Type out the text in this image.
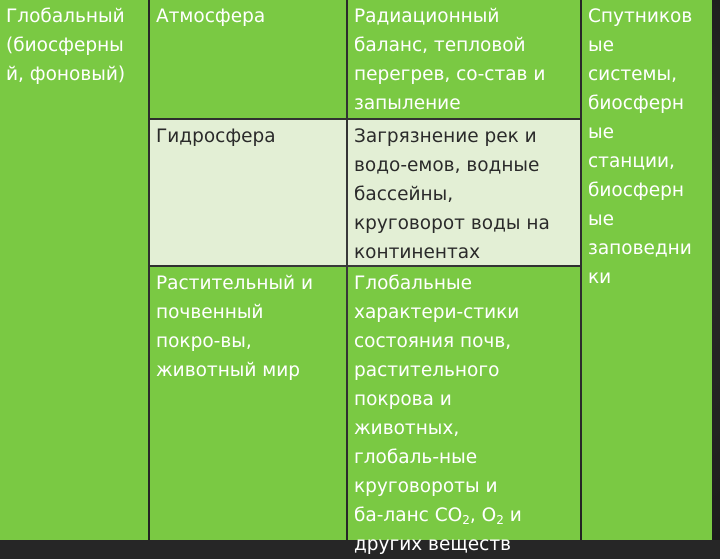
Глобальный
(биосферны
й, фоновый)
Атмосфера	Радиационный
баланс, тепловой
перегрев, со-став и
запыление
Гидросфера	Загрязнение рек и
водо-емов, водные
бассейны,
круговорот воды на
континентах
Растительный и
почвенный
покро-вы,
животный мир
Глобальные
характери-стики
состояния почв,
растительного
покрова и
животных,
глобаль-ные
круговороты и
ба-ланс $CO_2$, $O_2$ и
других веществ
Спутников
ые
системы,
биосферн
ые
станции,
биосферн
ые
заповедни
ки
